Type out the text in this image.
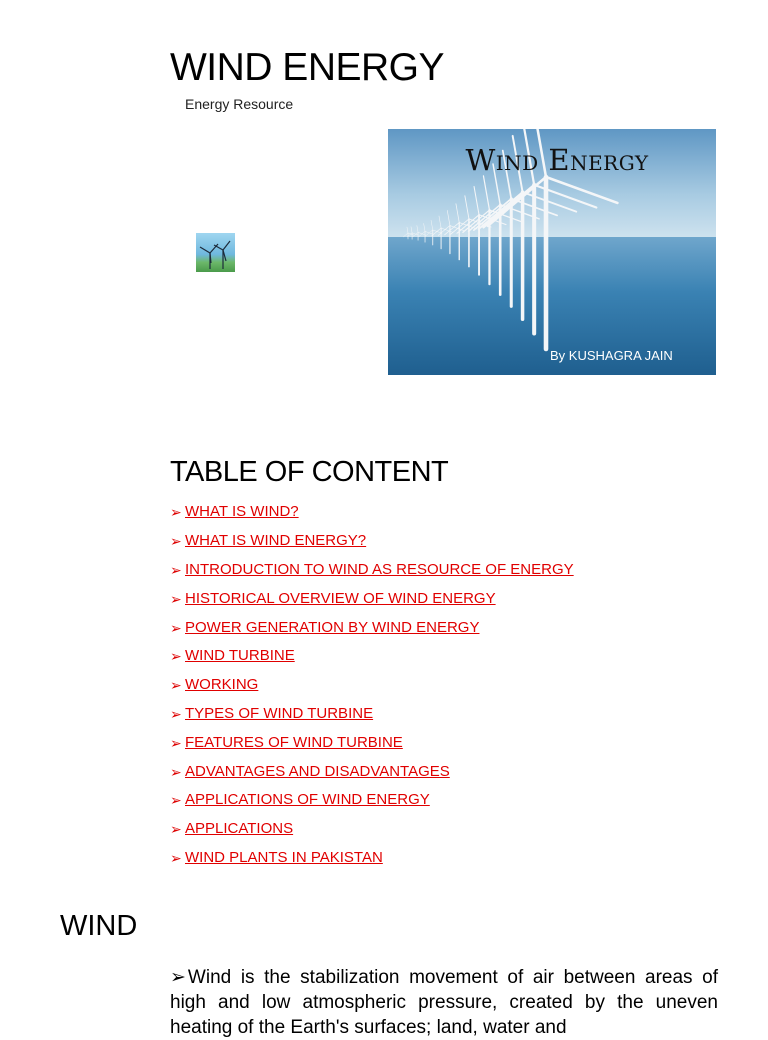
WIND ENERGY
Energy Resource
Wind Energy
By KUSHAGRA JAIN
TABLE OF CONTENT
➢ WHAT IS WIND?
➢ WHAT IS WIND ENERGY?
➢ INTRODUCTION TO WIND AS RESOURCE OF ENERGY
➢ HISTORICAL OVERVIEW OF WIND ENERGY
➢ POWER GENERATION BY WIND ENERGY
➢ WIND TURBINE
➢ WORKING
➢ TYPES OF WIND TURBINE
➢ FEATURES OF WIND TURBINE
➢ ADVANTAGES AND DISADVANTAGES
➢ APPLICATIONS OF WIND ENERGY
➢ APPLICATIONS
➢ WIND PLANTS IN PAKISTAN
WIND

➢ Wind is the stabilization movement of air between areas of high and low atmospheric pressure, created by the uneven heating of the Earth's surfaces; land, water and
